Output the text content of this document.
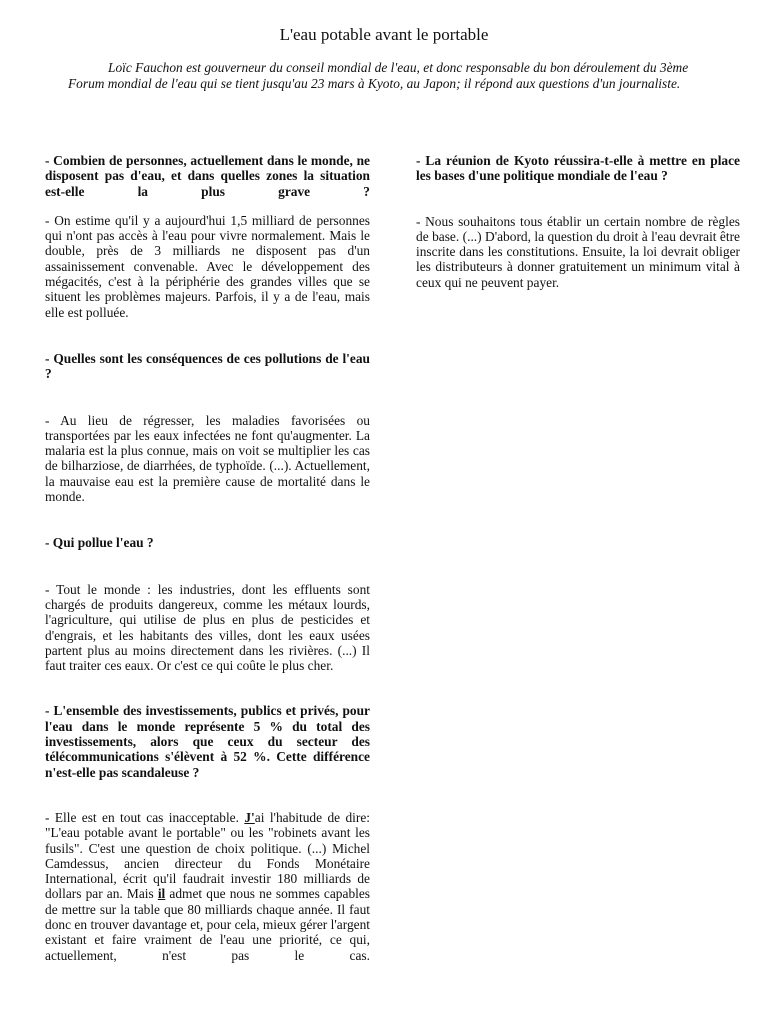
L'eau potable avant le portable
Loïc Fauchon est gouverneur du conseil mondial de l'eau, et donc responsable du bon déroulement du 3ème Forum mondial de l'eau qui se tient jusqu'au 23 mars à Kyoto, au Japon; il répond aux questions d'un journaliste.

- Combien de personnes, actuellement dans le monde, ne disposent pas d'eau, et dans quelles zones la situation est-elle la plus grave ?

- On estime qu'il y a aujourd'hui 1,5 milliard de personnes qui n'ont pas accès à l'eau pour vivre normalement. Mais le double, près de 3 milliards ne disposent pas d'un assainissement convenable. Avec le développement des mégacités, c'est à la périphérie des grandes villes que se situent les problèmes majeurs. Parfois, il y a de l'eau, mais elle est polluée.

- Quelles sont les conséquences de ces pollutions de l'eau ?

- Au lieu de régresser, les maladies favorisées ou transportées par les eaux infectées ne font qu'augmenter. La malaria est la plus connue, mais on voit se multiplier les cas de bilharziose, de diarrhées, de typhoïde. (...). Actuellement, la mauvaise eau est la première cause de mortalité dans le monde.

- Qui pollue l'eau ?

- Tout le monde : les industries, dont les effluents sont chargés de produits dangereux, comme les métaux lourds, l'agriculture, qui utilise de plus en plus de pesticides et d'engrais, et les habitants des villes, dont les eaux usées partent plus au moins directement dans les rivières. (...) Il faut traiter ces eaux. Or c'est ce qui coûte le plus cher.

- L'ensemble des investissements, publics et privés, pour l'eau dans le monde représente 5 % du total des investissements, alors que ceux du secteur des télécommunications s'élèvent à 52 %. Cette différence n'est-elle pas scandaleuse ?

- Elle est en tout cas inacceptable. J'ai l'habitude de dire: "L'eau potable avant le portable" ou les "robinets avant les fusils". C'est une question de choix politique. (...) Michel Camdessus, ancien directeur du Fonds Monétaire International, écrit qu'il faudrait investir 180 milliards de dollars par an. Mais il admet que nous ne sommes capables de mettre sur la table que 80 milliards chaque année. Il faut donc en trouver davantage et, pour cela, mieux gérer l'argent existant et faire vraiment de l'eau une priorité, ce qui, actuellement, n'est pas le cas.

- La réunion de Kyoto réussira-t-elle à mettre en place les bases d'une politique mondiale de l'eau ?

- Nous souhaitons tous établir un certain nombre de règles de base. (...) D'abord, la question du droit à l'eau devrait être inscrite dans les constitutions. Ensuite, la loi devrait obliger les distributeurs à donner gratuitement un minimum vital à ceux qui ne peuvent payer.
